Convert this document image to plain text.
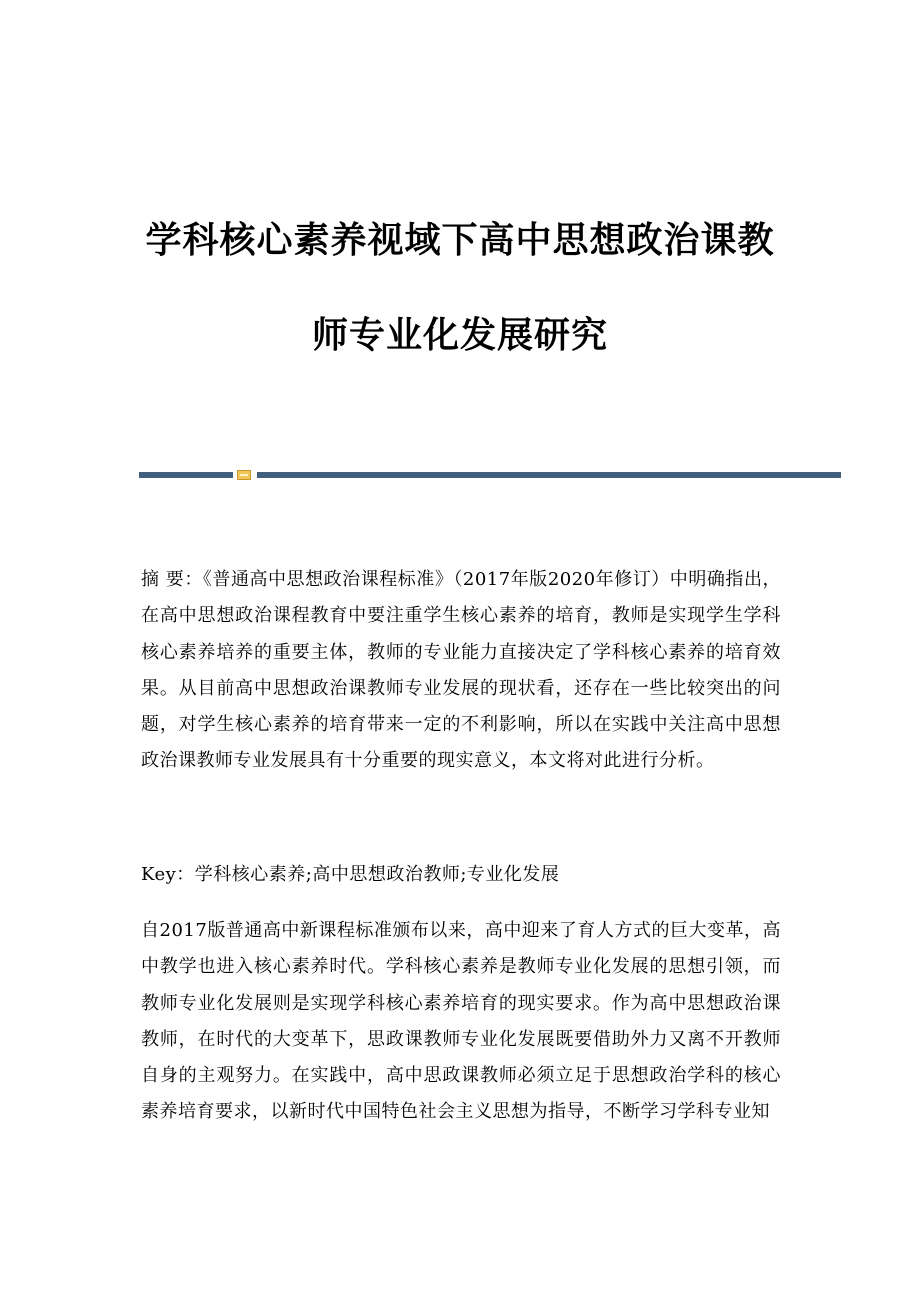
学科核心素养视域下高中思想政治课教
师专业化发展研究
摘 要：《普通高中思想政治课程标准》（2017年版2020年修订）中明确指出，在高中思想政治课程教育中要注重学生核心素养的培育，教师是实现学生学科核心素养培养的重要主体，教师的专业能力直接决定了学科核心素养的培育效果。从目前高中思想政治课教师专业发展的现状看，还存在一些比较突出的问题，对学生核心素养的培育带来一定的不利影响，所以在实践中关注高中思想政治课教师专业发展具有十分重要的现实意义，本文将对此进行分析。
Key：学科核心素养;高中思想政治教师;专业化发展
自2017版普通高中新课程标准颁布以来，高中迎来了育人方式的巨大变革，高中教学也进入核心素养时代。学科核心素养是教师专业化发展的思想引领，而教师专业化发展则是实现学科核心素养培育的现实要求。作为高中思想政治课教师，在时代的大变革下，思政课教师专业化发展既要借助外力又离不开教师自身的主观努力。在实践中，高中思政课教师必须立足于思想政治学科的核心素养培育要求，以新时代中国特色社会主义思想为指导，不断学习学科专业知
